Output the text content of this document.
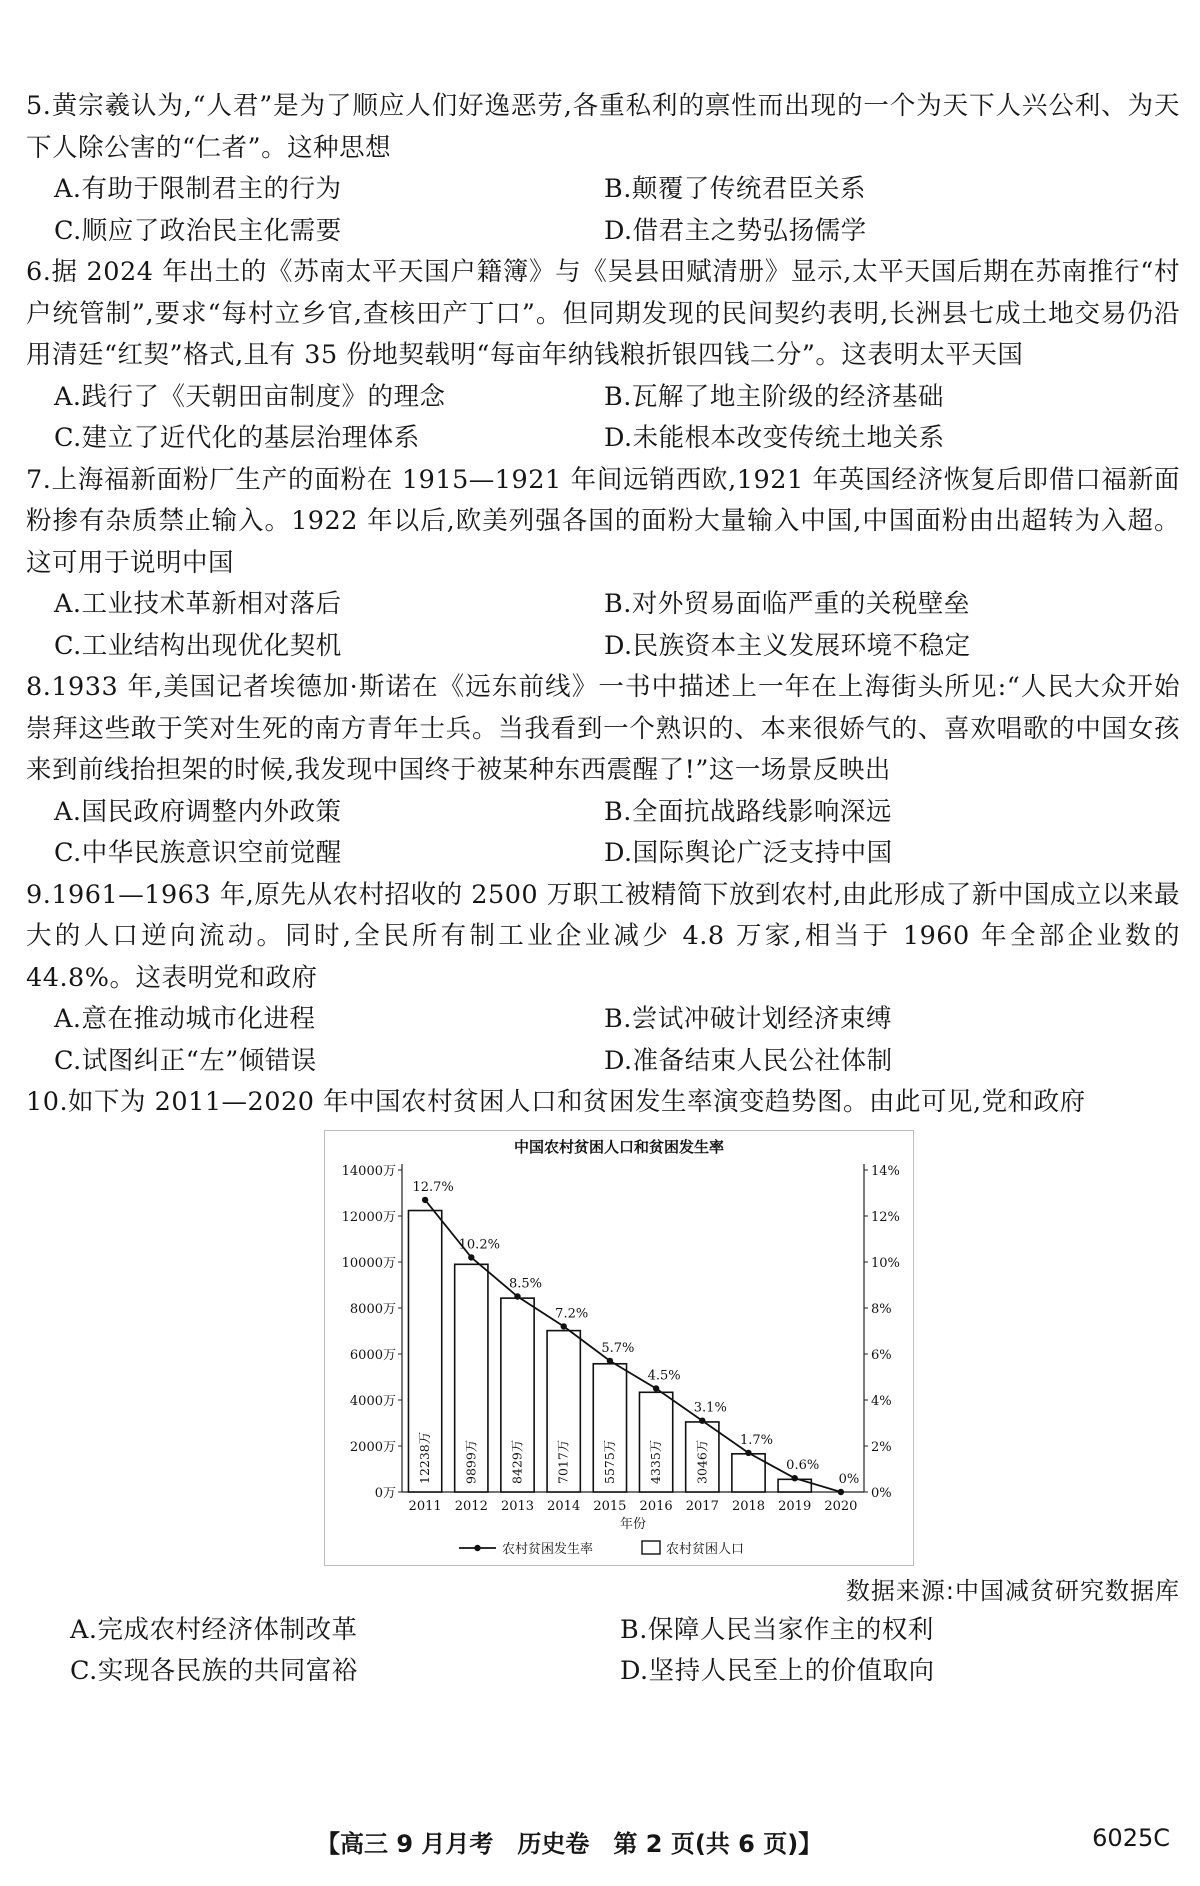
5.黄宗羲认为,“人君”是为了顺应人们好逸恶劳,各重私利的禀性而出现的一个为天下人兴公利、为天下人除公害的“仁者”。这种思想
A.有助于限制君主的行为	B.颠覆了传统君臣关系
C.顺应了政治民主化需要	D.借君主之势弘扬儒学
6.据 2024 年出土的《苏南太平天国户籍簿》与《吴县田赋清册》显示,太平天国后期在苏南推行“村户统管制”,要求“每村立乡官,查核田产丁口”。但同期发现的民间契约表明,长洲县七成土地交易仍沿用清廷“红契”格式,且有 35 份地契载明“每亩年纳钱粮折银四钱二分”。这表明太平天国
A.践行了《天朝田亩制度》的理念	B.瓦解了地主阶级的经济基础
C.建立了近代化的基层治理体系	D.未能根本改变传统土地关系
7.上海福新面粉厂生产的面粉在 1915—1921 年间远销西欧,1921 年英国经济恢复后即借口福新面粉掺有杂质禁止输入。1922 年以后,欧美列强各国的面粉大量输入中国,中国面粉由出超转为入超。这可用于说明中国
A.工业技术革新相对落后	B.对外贸易面临严重的关税壁垒
C.工业结构出现优化契机	D.民族资本主义发展环境不稳定
8.1933 年,美国记者埃德加·斯诺在《远东前线》一书中描述上一年在上海街头所见:“人民大众开始崇拜这些敢于笑对生死的南方青年士兵。当我看到一个熟识的、本来很娇气的、喜欢唱歌的中国女孩来到前线抬担架的时候,我发现中国终于被某种东西震醒了!”这一场景反映出
A.国民政府调整内外政策	B.全面抗战路线影响深远
C.中华民族意识空前觉醒	D.国际舆论广泛支持中国
9.1961—1963 年,原先从农村招收的 2500 万职工被精简下放到农村,由此形成了新中国成立以来最大的人口逆向流动。同时,全民所有制工业企业减少 4.8 万家,相当于 1960 年全部企业数的 44.8%。这表明党和政府
A.意在推动城市化进程	B.尝试冲破计划经济束缚
C.试图纠正“左”倾错误	D.准备结束人民公社体制
10.如下为 2011—2020 年中国农村贫困人口和贫困发生率演变趋势图。由此可见,党和政府
中国农村贫困人口和贫困发生率
0万
2000万
4000万
6000万
8000万
10000万
12000万
14000万
0%
2%
4%
6%
8%
10%
12%
14%
12238万 9899万 8429万 7017万 5575万 4335万 3046万
2011 2012 2013 2014 2015 2016 2017 2018 2019 2020
年份
12.7%
10.2%
8.5%
7.2%
5.7%
4.5%
3.1%
1.7%
0.6%
0%
农村贫困发生率	农村贫困人口
数据来源:中国减贫研究数据库
A.完成农村经济体制改革	B.保障人民当家作主的权利
C.实现各民族的共同富裕	D.坚持人民至上的价值取向
【高三 9 月月考　历史卷　第 2 页(共 6 页)】	6025C
